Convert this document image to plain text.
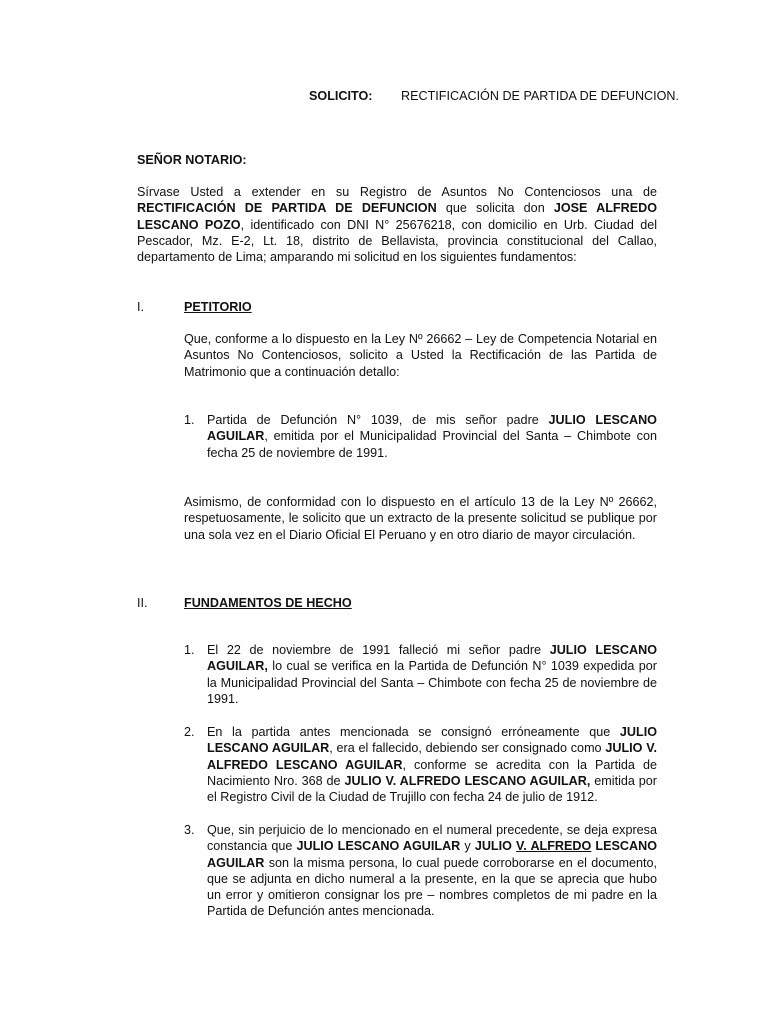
SOLICITO: RECTIFICACIÓN DE PARTIDA DE DEFUNCION.
SEÑOR NOTARIO:

Sírvase Usted a extender en su Registro de Asuntos No Contenciosos una de RECTIFICACIÓN DE PARTIDA DE DEFUNCION que solicita don JOSE ALFREDO LESCANO POZO, identificado con DNI N° 25676218, con domicilio en Urb. Ciudad del Pescador, Mz. E-2, Lt. 18, distrito de Bellavista, provincia constitucional del Callao, departamento de Lima; amparando mi solicitud en los siguientes fundamentos:

I.	PETITORIO

Que, conforme a lo dispuesto en la Ley Nº 26662 – Ley de Competencia Notarial en Asuntos No Contenciosos, solicito a Usted la Rectificación de las Partida de Matrimonio que a continuación detallo:

1. Partida de Defunción N° 1039, de mis señor padre JULIO LESCANO AGUILAR, emitida por el Municipalidad Provincial del Santa – Chimbote con fecha 25 de noviembre de 1991.

Asimismo, de conformidad con lo dispuesto en el artículo 13 de la Ley Nº 26662, respetuosamente, le solicito que un extracto de la presente solicitud se publique por una sola vez en el Diario Oficial El Peruano y en otro diario de mayor circulación.

II.	FUNDAMENTOS DE HECHO
1. El 22 de noviembre de 1991 falleció mi señor padre JULIO LESCANO AGUILAR, lo cual se verifica en la Partida de Defunción N° 1039 expedida por la Municipalidad Provincial del Santa – Chimbote con fecha 25 de noviembre de 1991.
2. En la partida antes mencionada se consignó erróneamente que JULIO LESCANO AGUILAR, era el fallecido, debiendo ser consignado como JULIO V. ALFREDO LESCANO AGUILAR, conforme se acredita con la Partida de Nacimiento Nro. 368 de JULIO V. ALFREDO LESCANO AGUILAR, emitida por el Registro Civil de la Ciudad de Trujillo con fecha 24 de julio de 1912.
3. Que, sin perjuicio de lo mencionado en el numeral precedente, se deja expresa constancia que JULIO LESCANO AGUILAR y JULIO V. ALFREDO LESCANO AGUILAR son la misma persona, lo cual puede corroborarse en el documento, que se adjunta en dicho numeral a la presente, en la que se aprecia que hubo un error y omitieron consignar los pre – nombres completos de mi padre en la Partida de Defunción antes mencionada.
